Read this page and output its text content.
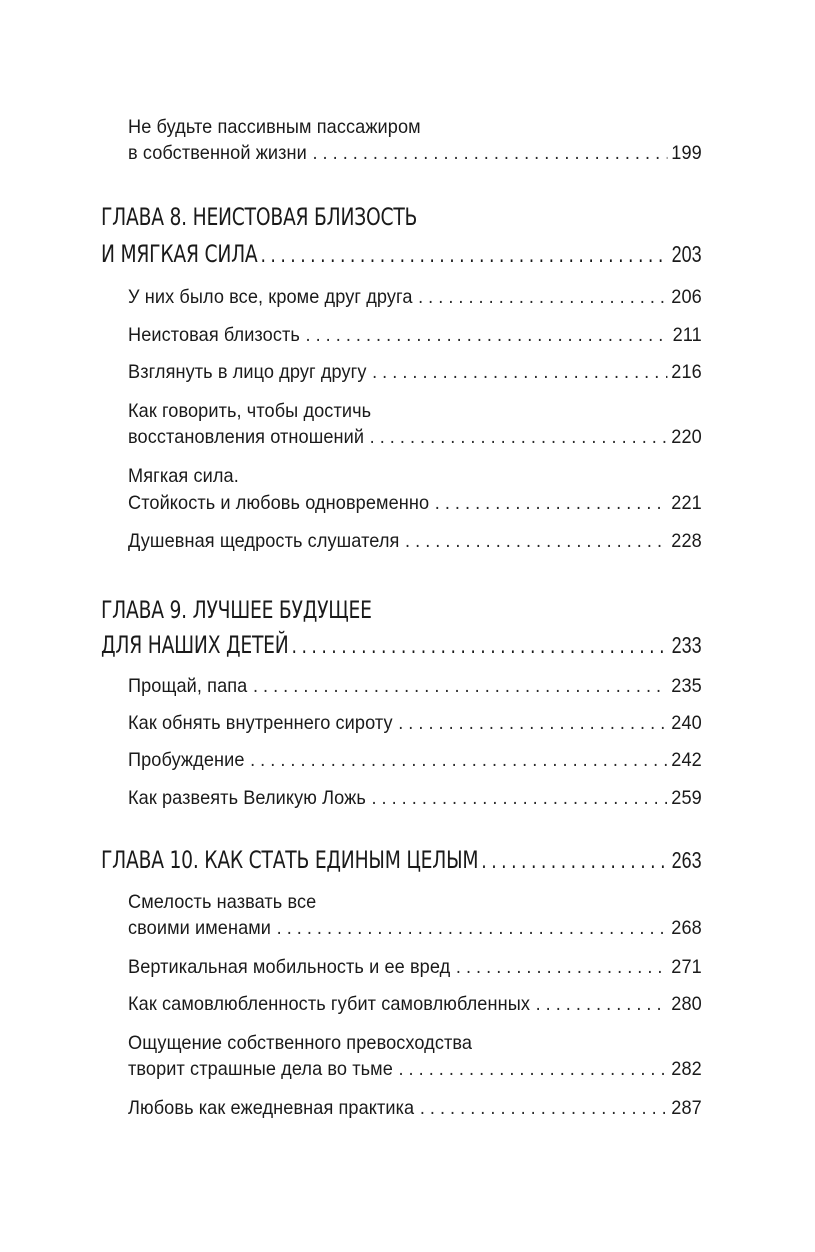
Не будьте пассивным пассажиром
в собственной жизни . . .	199
ГЛАВА 8. НЕИСТОВАЯ БЛИЗОСТЬ
И МЯГКАЯ СИЛА . . .	203
У них было все, кроме друг друга . . .	206
Неистовая близость . . .	211
Взглянуть в лицо друг другу . . .	216
Как говорить, чтобы достичь
восстановления отношений . . .	220
Мягкая сила.
Стойкость и любовь одновременно . . .	221
Душевная щедрость слушателя . . .	228
ГЛАВА 9. ЛУЧШЕЕ БУДУЩЕЕ
ДЛЯ НАШИХ ДЕТЕЙ . . .	233
Прощай, папа . . .	235
Как обнять внутреннего сироту . . .	240
Пробуждение . . .	242
Как развеять Великую Ложь . . .	259
ГЛАВА 10. КАК СТАТЬ ЕДИНЫМ ЦЕЛЫМ . . .	263
Смелость назвать все
своими именами . . .	268
Вертикальная мобильность и ее вред . . .	271
Как самовлюбленность губит самовлюбленных . . .	280
Ощущение собственного превосходства
творит страшные дела во тьме . . .	282
Любовь как ежедневная практика . . .	287
